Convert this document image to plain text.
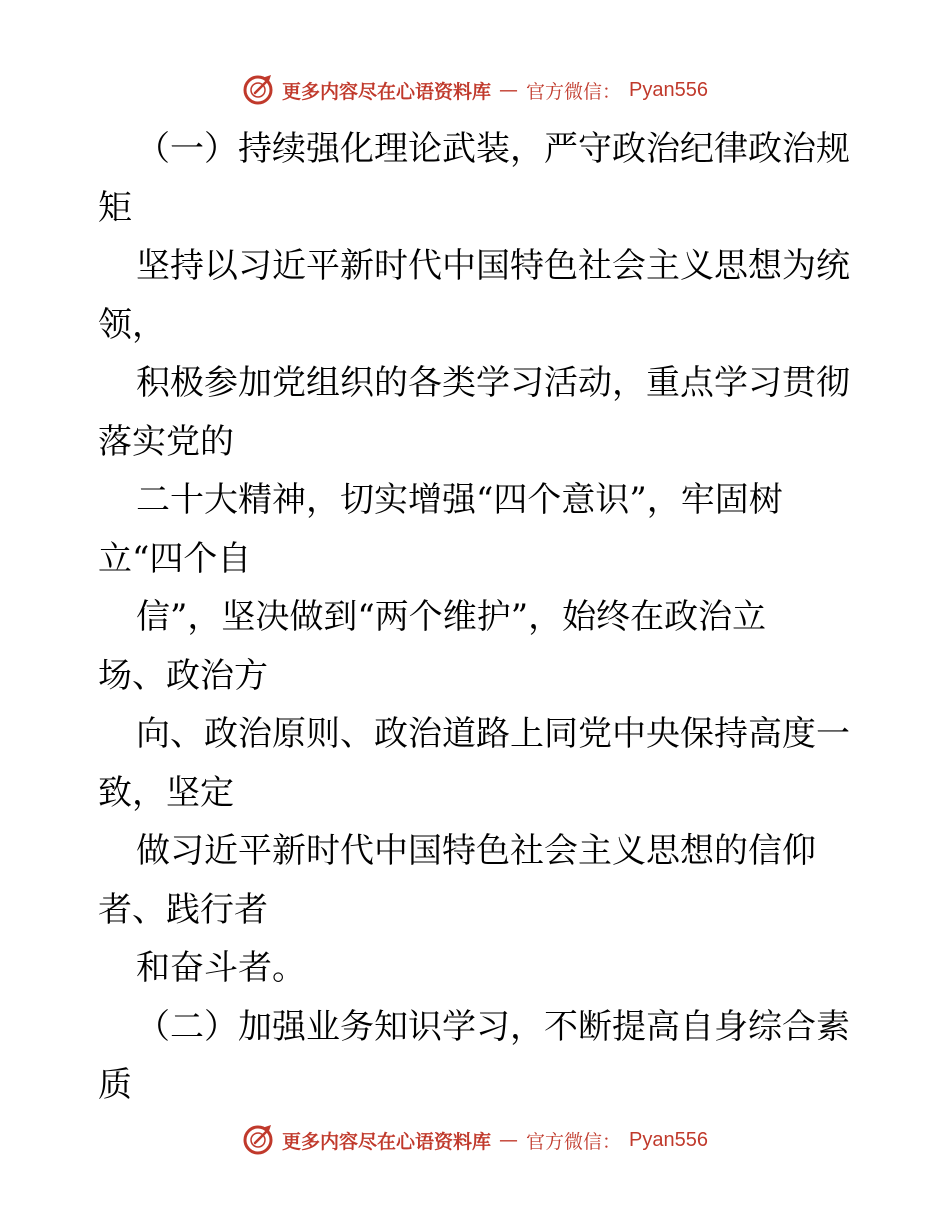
更多内容尽在心语资料库 — 官方微信： Pyan556
（一）持续强化理论武装，严守政治纪律政治规
矩
坚持以习近平新时代中国特色社会主义思想为统
领，
积极参加党组织的各类学习活动，重点学习贯彻
落实党的
二十大精神，切实增强“四个意识”，牢固树
立“四个自
信”，坚决做到“两个维护”，始终在政治立
场、政治方
向、政治原则、政治道路上同党中央保持高度一
致，坚定
做习近平新时代中国特色社会主义思想的信仰
者、践行者
和奋斗者。
（二）加强业务知识学习，不断提高自身综合素
质
更多内容尽在心语资料库 — 官方微信： Pyan556
